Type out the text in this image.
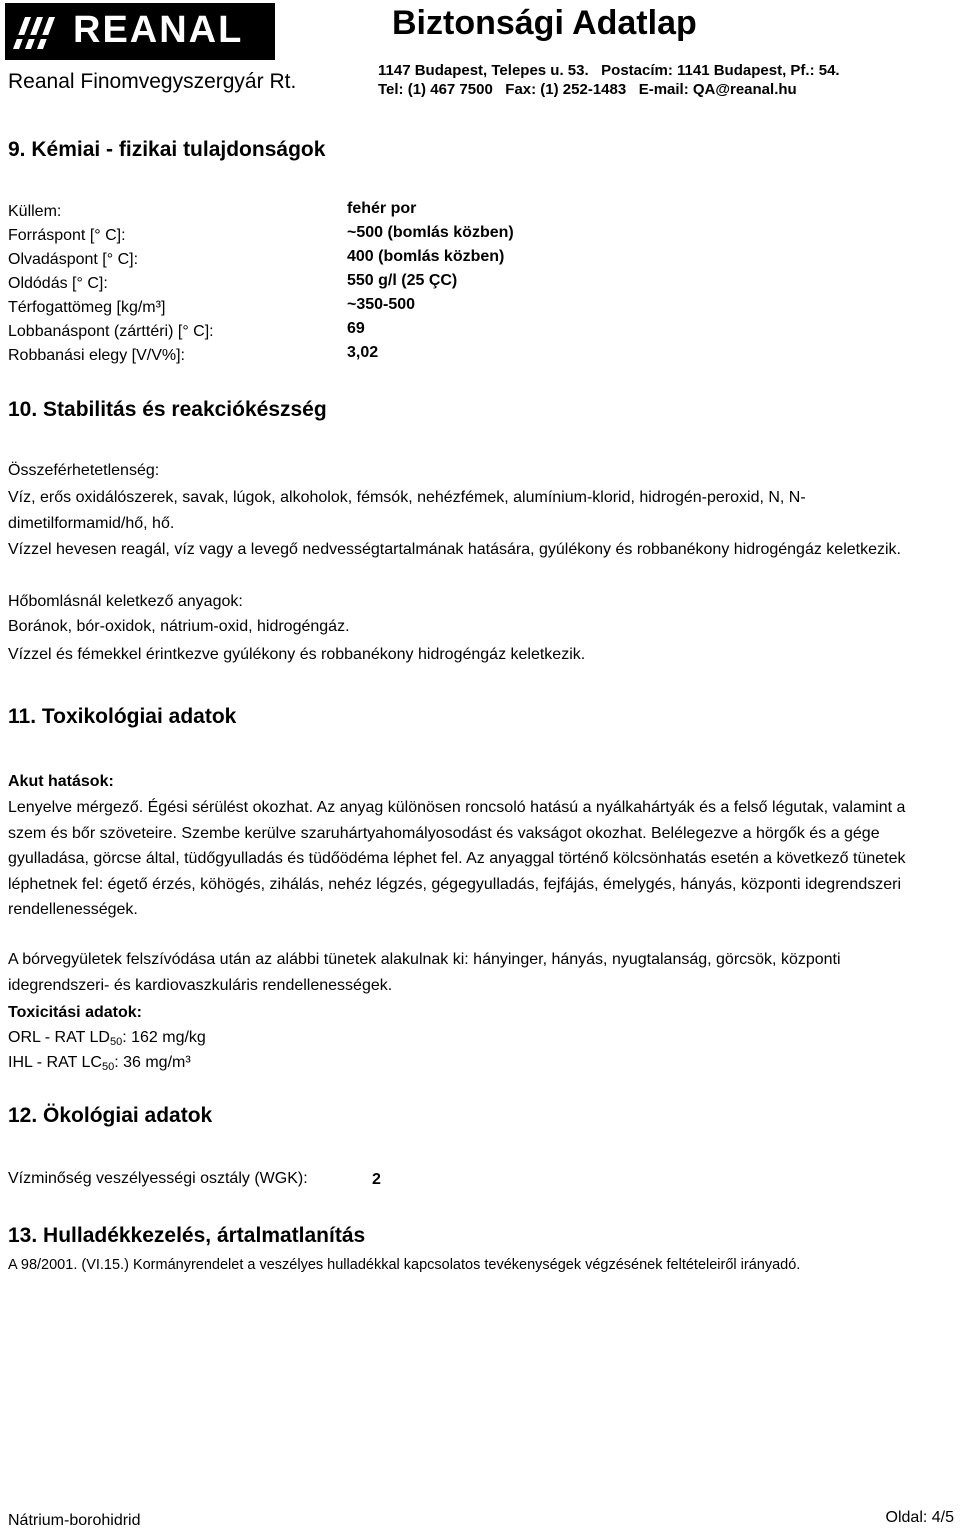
REANAL	Biztonsági Adatlap
Reanal Finomvegyszergyár Rt.	1147 Budapest, Telepes u. 53.   Postacím: 1141 Budapest, Pf.: 54.
Tel: (1) 467 7500   Fax: (1) 252-1483   E-mail: QA@reanal.hu
9. Kémiai - fizikai tulajdonságok
Küllem:	fehér por
Forráspont [° C]:	~500 (bomlás közben)
Olvadáspont [° C]:	400 (bomlás közben)
Oldódás [° C]:	550 g/l (25 ÇC)
Térfogattömeg [kg/m³]	~350-500
Lobbanáspont (zárttéri) [° C]:	69
Robbanási elegy [V/V%]:	3,02
10. Stabilitás és reakciókészség
Összeférhetetlenség:

Víz, erős oxidálószerek, savak, lúgok, alkoholok, fémsók, nehézfémek, alumínium-klorid, hidrogén-peroxid, N, N-dimetilformamid/hő, hő.

Vízzel hevesen reagál, víz vagy a levegő nedvességtartalmának hatására, gyúlékony és robbanékony hidrogéngáz keletkezik.

Hőbomlásnál keletkező anyagok:
Boránok, bór-oxidok, nátrium-oxid, hidrogéngáz.
Vízzel és fémekkel érintkezve gyúlékony és robbanékony hidrogéngáz keletkezik.
11. Toxikológiai adatok
Akut hatások:

Lenyelve mérgező. Égési sérülést okozhat. Az anyag különösen roncsoló hatású a nyálkahártyák és a felső légutak, valamint a szem és bőr szöveteire. Szembe kerülve szaruhártyahomályosodást és vakságot okozhat. Belélegezve a hörgők és a gége gyulladása, görcse által, tüdőgyulladás és tüdőödéma léphet fel. Az anyaggal történő kölcsönhatás esetén a következő tünetek léphetnek fel: égető érzés, köhögés, zihálás, nehéz légzés, gégegyulladás, fejfájás, émelygés, hányás, központi idegrendszeri rendellenességek.

A bórvegyületek felszívódása után az alábbi tünetek alakulnak ki: hányinger, hányás, nyugtalanság, görcsök, központi idegrendszeri- és kardiovaszkuláris rendellenességek.

Toxicitási adatok:
ORL - RAT $LD_{50}$: 162 mg/kg
IHL - RAT $LC_{50}$: 36 mg/m³
12. Ökológiai adatok
Vízminőség veszélyességi osztály (WGK):	2
13. Hulladékkezelés, ártalmatlanítás
A 98/2001. (VI.15.) Kormányrendelet a veszélyes hulladékkal kapcsolatos tevékenységek végzésének feltételeiről irányadó.
Nátrium-borohidrid	Oldal: 4/5
